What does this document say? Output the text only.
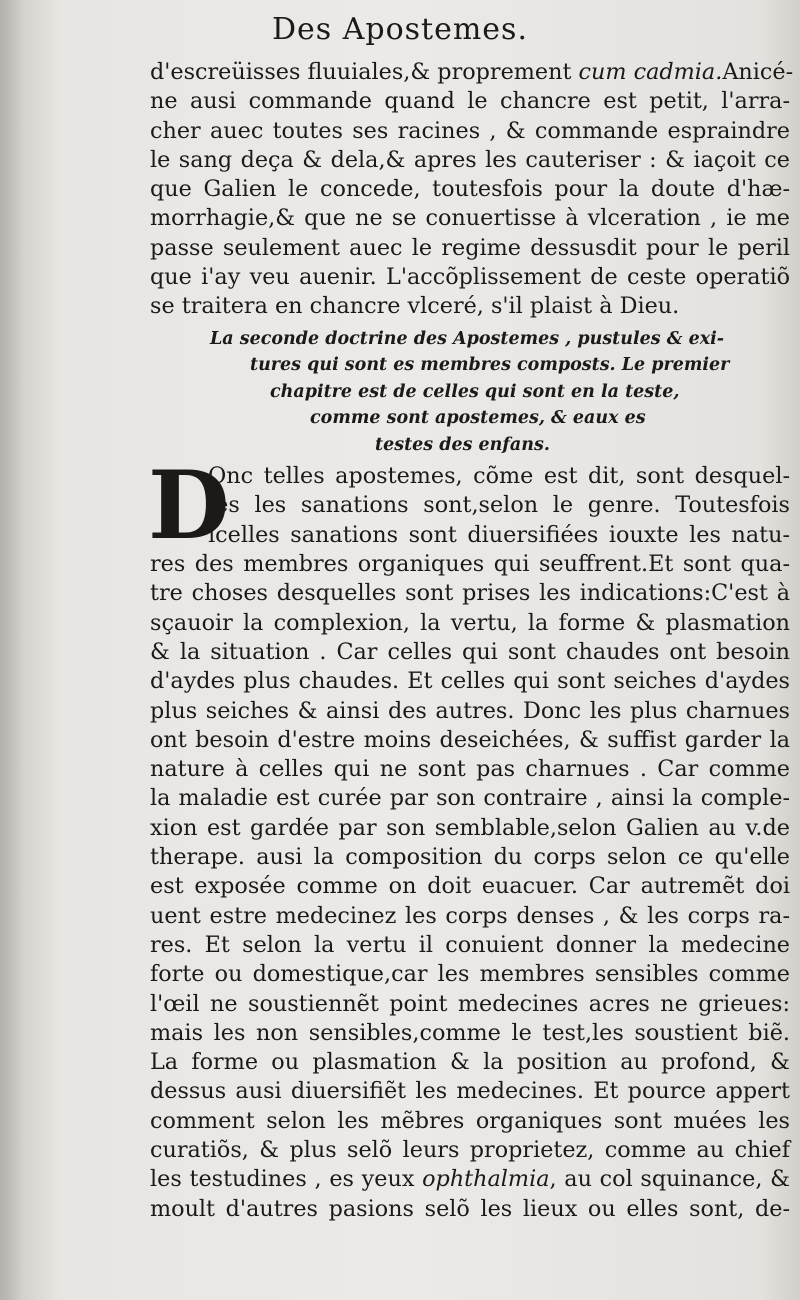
Des Apostemes.
d'escreüisses fluuiales,& proprement cum cadmia.Anicé-
ne ausi commande quand le chancre est petit, l'arra-
cher auec toutes ses racines , & commande espraindre
le sang deça & dela,& apres les cauteriser : & iaçoit ce
que Galien le concede, toutesfois pour la doute d'hæ-
morrhagie,& que ne se conuertisse à vlceration , ie me
passe seulement auec le regime dessusdit pour le peril
que i'ay veu auenir. L'accõplissement de ceste operatiõ
se traitera en chancre vlceré, s'il plaist à Dieu.
La seconde doctrine des Apostemes , pustules & exi-
tures qui sont es membres composts. Le premier
chapitre est de celles qui sont en la teste,
comme sont apostemes, & eaux es
testes des enfans.
D
Onc telles apostemes, cõme est dit, sont desquel-
les les sanations sont,selon le genre. Toutesfois
icelles sanations sont diuersifiées iouxte les natu-
res des membres organiques qui seuffrent.Et sont qua-
tre choses desquelles sont prises les indications:C'est à
sçauoir la complexion, la vertu, la forme & plasmation
& la situation . Car celles qui sont chaudes ont besoin
d'aydes plus chaudes. Et celles qui sont seiches d'aydes
plus seiches & ainsi des autres. Donc les plus charnues
ont besoin d'estre moins deseichées, & suffist garder la
nature à celles qui ne sont pas charnues . Car comme
la maladie est curée par son contraire , ainsi la comple-
xion est gardée par son semblable,selon Galien au v.de
therape. ausi la composition du corps selon ce qu'elle
est exposée comme on doit euacuer. Car autremẽt doi
uent estre medecinez les corps denses , & les corps ra-
res. Et selon la vertu il conuient donner la medecine
forte ou domestique,car les membres sensibles comme
l'œil ne soustiennẽt point medecines acres ne grieues:
mais les non sensibles,comme le test,les soustient biẽ.
La forme ou plasmation & la position au profond, &
dessus ausi diuersifiẽt les medecines. Et pource appert
comment selon les mẽbres organiques sont muées les
curatiõs, & plus selõ leurs proprietez, comme au chief
les testudines , es yeux ophthalmia, au col squinance, &
moult d'autres pasions selõ les lieux ou elles sont, de-
